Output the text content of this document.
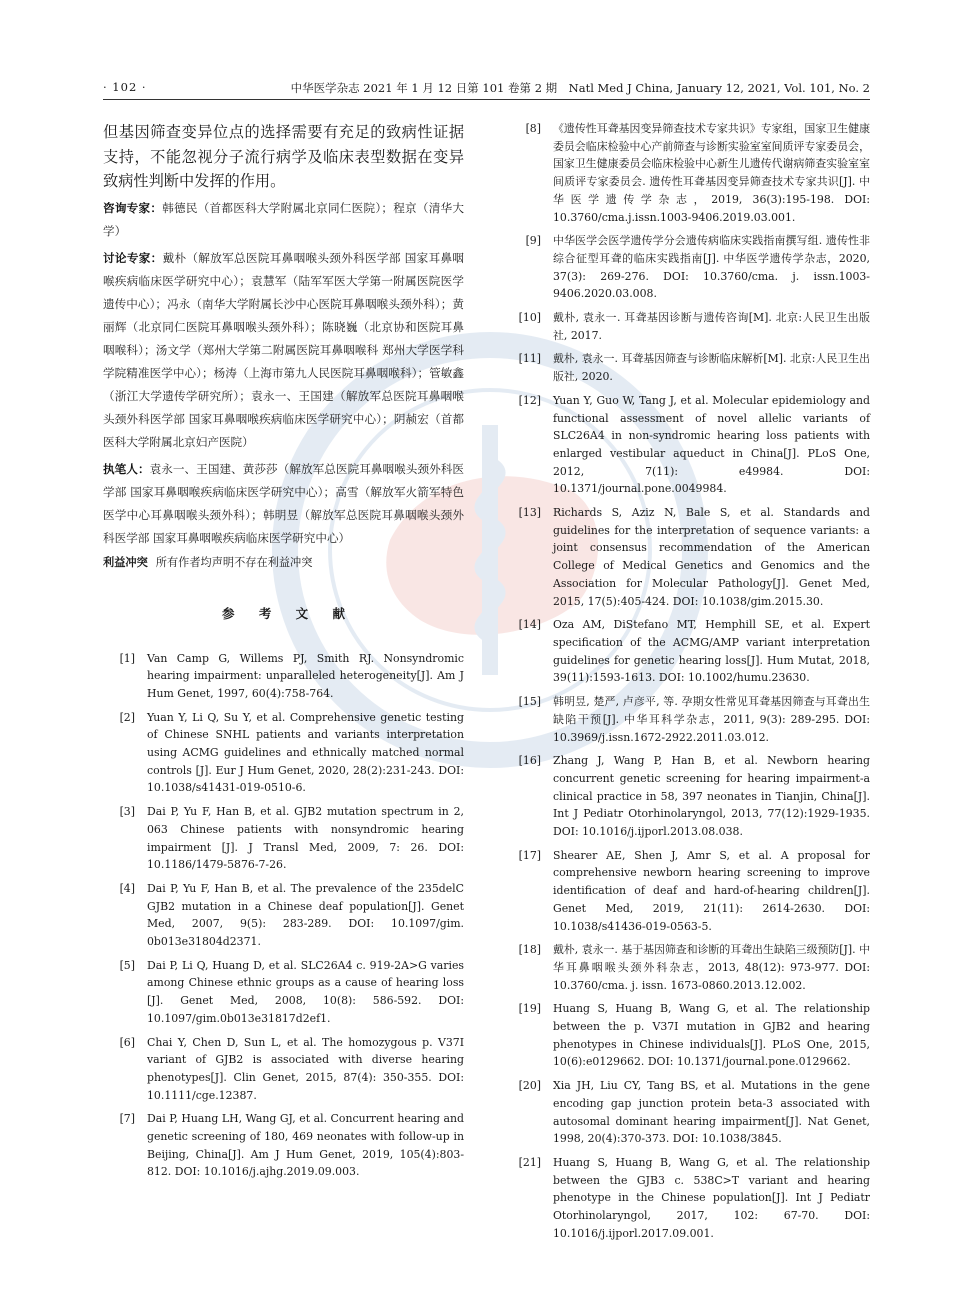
· 102 ·	中华医学杂志 2021 年 1 月 12 日第 101 卷第 2 期　Natl Med J China, January 12, 2021, Vol. 101, No. 2

但基因筛查变异位点的选择需要有充足的致病性证据支持，不能忽视分子流行病学及临床表型数据在变异致病性判断中发挥的作用。

咨询专家：韩德民（首都医科大学附属北京同仁医院）；程京（清华大学）

讨论专家：戴朴（解放军总医院耳鼻咽喉头颈外科医学部 国家耳鼻咽喉疾病临床医学研究中心）；袁慧军（陆军军医大学第一附属医院医学遗传中心）；冯永（南华大学附属长沙中心医院耳鼻咽喉头颈外科）；黄丽辉（北京同仁医院耳鼻咽喉头颈外科）；陈晓巍（北京协和医院耳鼻咽喉科）；汤文学（郑州大学第二附属医院耳鼻咽喉科 郑州大学医学科学院精准医学中心）；杨涛（上海市第九人民医院耳鼻咽喉科）；管敏鑫（浙江大学遗传学研究所）；袁永一、王国建（解放军总医院耳鼻咽喉头颈外科医学部 国家耳鼻咽喉疾病临床医学研究中心）；阴赪宏（首都医科大学附属北京妇产医院）

执笔人：袁永一、王国建、黄莎莎（解放军总医院耳鼻咽喉头颈外科医学部 国家耳鼻咽喉疾病临床医学研究中心）；高雪（解放军火箭军特色医学中心耳鼻咽喉头颈外科）；韩明昱（解放军总医院耳鼻咽喉头颈外科医学部 国家耳鼻咽喉疾病临床医学研究中心）

利益冲突 所有作者均声明不存在利益冲突

参 考 文 献
[1]	Van Camp G, Willems PJ, Smith RJ. Nonsyndromic hearing impairment: unparalleled heterogeneity[J]. Am J Hum Genet, 1997, 60(4):758-764.
[2]	Yuan Y, Li Q, Su Y, et al. Comprehensive genetic testing of Chinese SNHL patients and variants interpretation using ACMG guidelines and ethnically matched normal controls [J]. Eur J Hum Genet, 2020, 28(2):231-243. DOI: 10.1038/s41431-019-0510-6.
[3]	Dai P, Yu F, Han B, et al. GJB2 mutation spectrum in 2, 063 Chinese patients with nonsyndromic hearing impairment [J]. J Transl Med, 2009, 7: 26. DOI: 10.1186/1479-5876-7-26.
[4]	Dai P, Yu F, Han B, et al. The prevalence of the 235delC GJB2 mutation in a Chinese deaf population[J]. Genet Med, 2007, 9(5): 283-289. DOI: 10.1097/gim. 0b013e31804d2371.
[5]	Dai P, Li Q, Huang D, et al. SLC26A4 c. 919-2A>G varies among Chinese ethnic groups as a cause of hearing loss [J]. Genet Med, 2008, 10(8): 586-592. DOI: 10.1097/gim.0b013e31817d2ef1.
[6]	Chai Y, Chen D, Sun L, et al. The homozygous p. V37I variant of GJB2 is associated with diverse hearing phenotypes[J]. Clin Genet, 2015, 87(4): 350-355. DOI: 10.1111/cge.12387.
[7]	Dai P, Huang LH, Wang GJ, et al. Concurrent hearing and genetic screening of 180, 469 neonates with follow-up in Beijing, China[J]. Am J Hum Genet, 2019, 105(4):803-812. DOI: 10.1016/j.ajhg.2019.09.003.
[8]	《遗传性耳聋基因变异筛查技术专家共识》专家组，国家卫生健康委员会临床检验中心产前筛查与诊断实验室室间质评专家委员会，国家卫生健康委员会临床检验中心新生儿遗传代谢病筛查实验室室间质评专家委员会. 遗传性耳聋基因变异筛查技术专家共识[J]. 中华医学遗传学杂志，2019, 36(3):195-198. DOI: 10.3760/cma.j.issn.1003-9406.2019.03.001.
[9]	中华医学会医学遗传学分会遗传病临床实践指南撰写组. 遗传性非综合征型耳聋的临床实践指南[J]. 中华医学遗传学杂志，2020, 37(3): 269-276. DOI: 10.3760/cma. j. issn.1003-9406.2020.03.008.
[10]	戴朴, 袁永一. 耳聋基因诊断与遗传咨询[M]. 北京:人民卫生出版社, 2017.
[11]	戴朴, 袁永一. 耳聋基因筛查与诊断临床解析[M]. 北京:人民卫生出版社, 2020.
[12]	Yuan Y, Guo W, Tang J, et al. Molecular epidemiology and functional assessment of novel allelic variants of SLC26A4 in non-syndromic hearing loss patients with enlarged vestibular aqueduct in China[J]. PLoS One, 2012, 7(11): e49984. DOI: 10.1371/journal.pone.0049984.
[13]	Richards S, Aziz N, Bale S, et al. Standards and guidelines for the interpretation of sequence variants: a joint consensus recommendation of the American College of Medical Genetics and Genomics and the Association for Molecular Pathology[J]. Genet Med, 2015, 17(5):405-424. DOI: 10.1038/gim.2015.30.
[14]	Oza AM, DiStefano MT, Hemphill SE, et al. Expert specification of the ACMG/AMP variant interpretation guidelines for genetic hearing loss[J]. Hum Mutat, 2018, 39(11):1593-1613. DOI: 10.1002/humu.23630.
[15]	韩明昱, 楚严, 卢彦平, 等. 孕期女性常见耳聋基因筛查与耳聋出生缺陷干预[J]. 中华耳科学杂志，2011, 9(3): 289-295. DOI: 10.3969/j.issn.1672-2922.2011.03.012.
[16]	Zhang J, Wang P, Han B, et al. Newborn hearing concurrent genetic screening for hearing impairment-a clinical practice in 58, 397 neonates in Tianjin, China[J]. Int J Pediatr Otorhinolaryngol, 2013, 77(12):1929-1935. DOI: 10.1016/j.ijporl.2013.08.038.
[17]	Shearer AE, Shen J, Amr S, et al. A proposal for comprehensive newborn hearing screening to improve identification of deaf and hard-of-hearing children[J]. Genet Med, 2019, 21(11): 2614-2630. DOI: 10.1038/s41436-019-0563-5.
[18]	戴朴, 袁永一. 基于基因筛查和诊断的耳聋出生缺陷三级预防[J]. 中华耳鼻咽喉头颈外科杂志，2013, 48(12): 973-977. DOI: 10.3760/cma. j. issn. 1673-0860.2013.12.002.
[19]	Huang S, Huang B, Wang G, et al. The relationship between the p. V37I mutation in GJB2 and hearing phenotypes in Chinese individuals[J]. PLoS One, 2015, 10(6):e0129662. DOI: 10.1371/journal.pone.0129662.
[20]	Xia JH, Liu CY, Tang BS, et al. Mutations in the gene encoding gap junction protein beta-3 associated with autosomal dominant hearing impairment[J]. Nat Genet, 1998, 20(4):370-373. DOI: 10.1038/3845.
[21]	Huang S, Huang B, Wang G, et al. The relationship between the GJB3 c. 538C>T variant and hearing phenotype in the Chinese population[J]. Int J Pediatr Otorhinolaryngol, 2017, 102: 67-70. DOI: 10.1016/j.ijporl.2017.09.001.
